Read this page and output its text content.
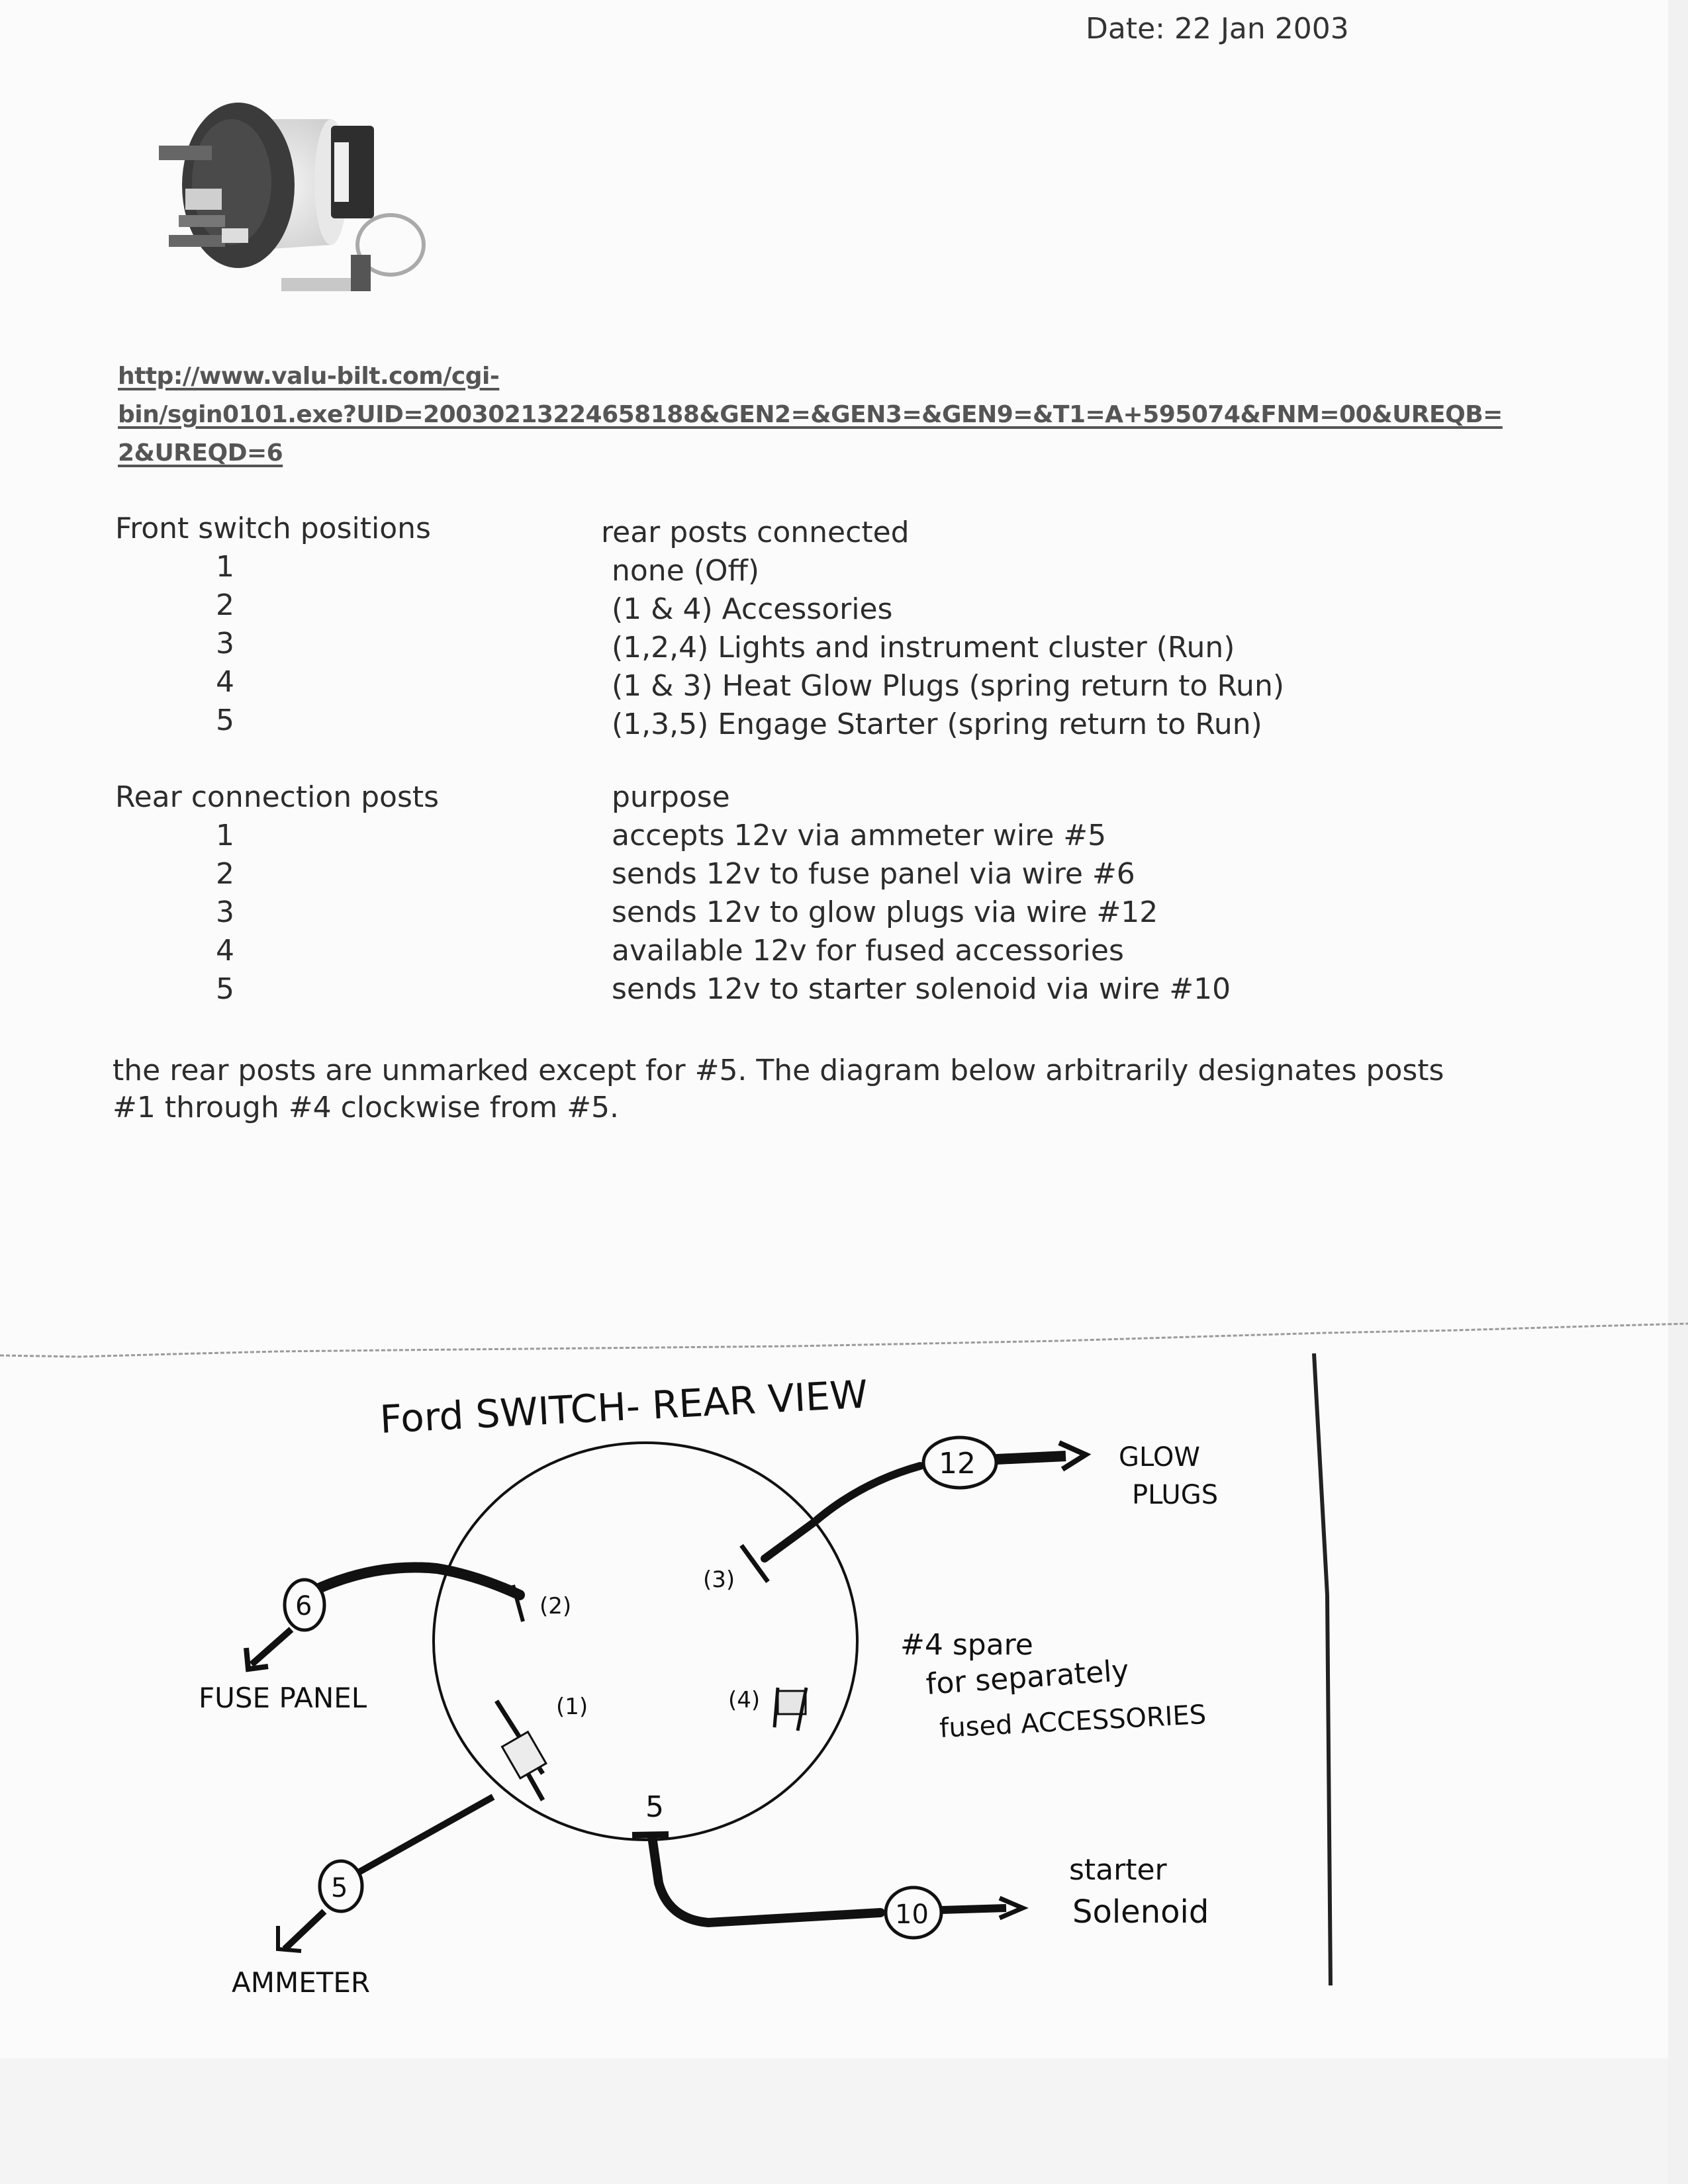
Date: 22 Jan 2003
http://www.valu-bilt.com/cgi-
bin/sgin0101.exe?UID=20030213224658188&GEN2=&GEN3=&GEN9=&T1=A+595074&FNM=00&UREQB=
2&UREQD=6
Front switch positions
1
2
3
4
5
rear posts connected
none (Off)
(1 & 4) Accessories
(1,2,4) Lights and instrument cluster (Run)
(1 & 3) Heat Glow Plugs (spring return to Run)
(1,3,5) Engage Starter (spring return to Run)
Rear connection posts
1
2
3
4
5
purpose
accepts 12v via ammeter wire #5
sends 12v to fuse panel via wire #6
sends 12v to glow plugs via wire #12
available 12v for fused accessories
sends 12v to starter solenoid via wire #10
the rear posts are unmarked except for #5. The diagram below arbitrarily designates posts
#1 through #4 clockwise from #5.
Ford SWITCH- REAR VIEW
(2)
6
FUSE PANEL
(3)
12	GLOW
PLUGS
(1)
5
AMMETER
(4)
#4 spare
for separately
fused ACCESSORIES
5
10
starter
Solenoid
